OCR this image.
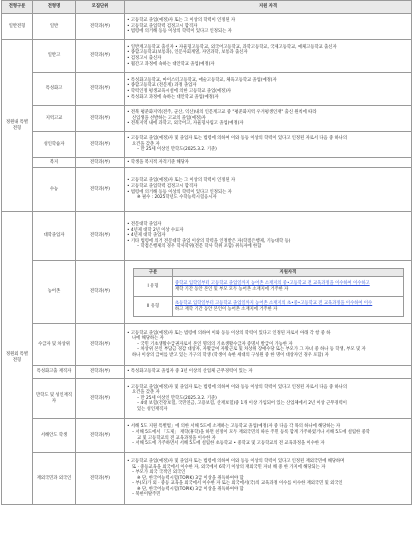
전형구분	전형명	모집단위	지원 자격
일반전형	일반	전학과(부)	
• 고등학교 졸업(예정)자 또는 그 이상의 학력이 인정된 자
• 고등학교 졸업학력 검정고시 합격자
• 법령에 의거해 동등 이상의 학력이 있다고 인정되는 자

정원내 특별전형	일반고	전학과(부)	
• 일반계고등학교 출신자 • 자율형고등학교, 외국어고등학교, 과학고등학교, 국제고등학교, 예체고등학교 출신자
• 종합고등학교(보통과), 인문사회계열, 자연과학, 보통과 출신자
• 검정고시 출신자
• 월간고 과정에 속하는 대안학교 졸업(예정)자

특성화고	전학과(부)	
• 특성화고등학교, 마이스터고등학교, 애술고등학교, 체육고등학교 졸업(예정)자
• 종합고등학교 (전문계) 과정 졸업자
• 학력인정 평생교육시설에 의한 고등학교 졸업(예정)자
• 특성화고 과정에 속하는 대안학교 졸업(예정)자

지역고교	전학과(부)	
• 전북 평준화지역(전주, 군산, 익산)내의 인문계고교 중 "평준화지역 우겨평생인재" 출신 원칙에 따라
신입생을 선발하는 고교의 졸업(예정)자
• 전북지역 내에 과학고, 외국어고, 자율형사립고 졸업(예정)자

성인학습자	전학과(부)	
• 고등학교 졸업(예정)자 및 졸업자 또는 법령에 의하여 이와 동등 이상의 학력이 있다고 인정된 자로서 다음 중 하나의
요건을 갖춘 자
– 만 25세 이상인 만학도(2025.3.2. 기준)

복지	전학과(부)	• 학생을 복지적 자격기준 해당자

수능	전학과(부)	
• 고등학교 졸업(예정)자 또는 그 이상의 학력이 인정된 자
• 고등학교 졸업학력 검정고시 합격자
• 법령에 의거해 동등 이상의 학력이 있다고 인정되는 자
※ 필수 : 2025학년도 수학능력시험응시자

정원외 특별전형	대학졸업자	전학과(부)	
• 전문대학 졸업자
• 4년제 대학 2년 이상 수료자
• 4년제 대학 졸업자
• 기타 법령에 의거 전문대학 졸업 이상의 학력을 인정받은 자(학점은행제, 기능대학 등)
– 학점은행제의 경우 학사학위(전문 학사 학위 포함) 취득자에 한함

농어촌	전학과(부)	
구분	지원자격
I 유형	
중학교 입학일부터 고등학교 졸업일까지 농어촌 소재지의 중•고등학교 전 교육과정을 이수하여 이수하고
재학 기간 동안 본인 및 부모 모두 농어촌 소재지에 거주한 자

II 유형	
초등학교 입학일부터 고등학교 졸업일까지 농어촌 소재지의 초•중•고등학교 전 교육과정을 이수하여 이수
하고 재학 기간 동안 본인이 농어촌 소재지에 거주한 자

수급자 및 차상위	전학과(부)	
• 고등학교 졸업(예정)자 또는 법령에 의하여 이와 동등 이상의 학력이 있다고 인정된 자로서 아래 각 항 중 하
나에 해당하는 자
– 국민 기초생활수급권자로서 본인 명의의 기초생활수급자 증명서 발급이 가능한 자
– 차상위 본인 부담금 경감 대상자, 자활급여 자활근로 및 차상위 장애수당 또는 부모가 그 자녀 중 하나 등 학생, 부모 및 자
하나 이상의 급여를 받고 있는 가구의 학생 (학생이 속한 세대의 구성원 중 한 명이 대상자인 경우 포함) 자

특성화고출 재직자	전학과(부)	• 특성화고등학교 졸업자 중 3년 이상의 산업체 근무경력이 있는 자

만학도 및 성인재직자	전학과(부)	
• 고등학교 졸업(예정)자 및 졸업자 또는 법령에 의하여 이와 동등 이상의 학력이 있다고 인정된 자로서 다음 중 하나의
요건을 갖춘 자
– 만 25세 이상인 만학도(2025.3.2. 기준)
– 4대 보험(건강보험, 국민연금, 고용보험, 산재보험)중 1개 이상 가입되어 있는 산업체에서 2년 이상 근무경력이
있는 성인재직자

서해안도 학생	전학과(부)	
• 서해 5도 지원 특별법」에 의한 서해 5도에 소재하는 고등학교 졸업(예정)자 중 다음 각 목의 하나에 해당하는 자
– 서해 5도에서 「도제」 재학(휴학)을 하면 친정이 모두 재외국민의 따른 주민 등록 합계 가주하였거나 서해 5도에 설립한 중학
교 및 고등학교의 전 교육과정을 이수한 자
– 서해 5도에 가주하면서 서해 5도에 설립한 초등학교 • 중학교 및 고등학교의 전 교육과정을 이수한 자

재외국민과 외국인	전학과(부)	
• 고등학교 졸업(예정)자 및 졸업자 또는 법령에 의하여 이와 동등 이상의 학력이 있다고 인정된 재외국민에 해당하며
또 · 중등교육을 외국에서 이수한 자, 외국에서 6학기 이상의 재외국민 자녀 해 중 한 가지에 해당되는 자
– 부모가 외국 국적인 외국인
※ 단, 한국어능력시험(TOPIK) 3급 이상을 취득하여야 함
– 부(모)가 외 · 중등 교육을 외국에서 이수한 자 또는 외국에서(국)의 교육과정 이수를 이수한 재외국민 및 외국인
※ 단, 한국어능력시험(TOPIK) 3급 이상을 취득하여야 함
– 북한이탈주민
